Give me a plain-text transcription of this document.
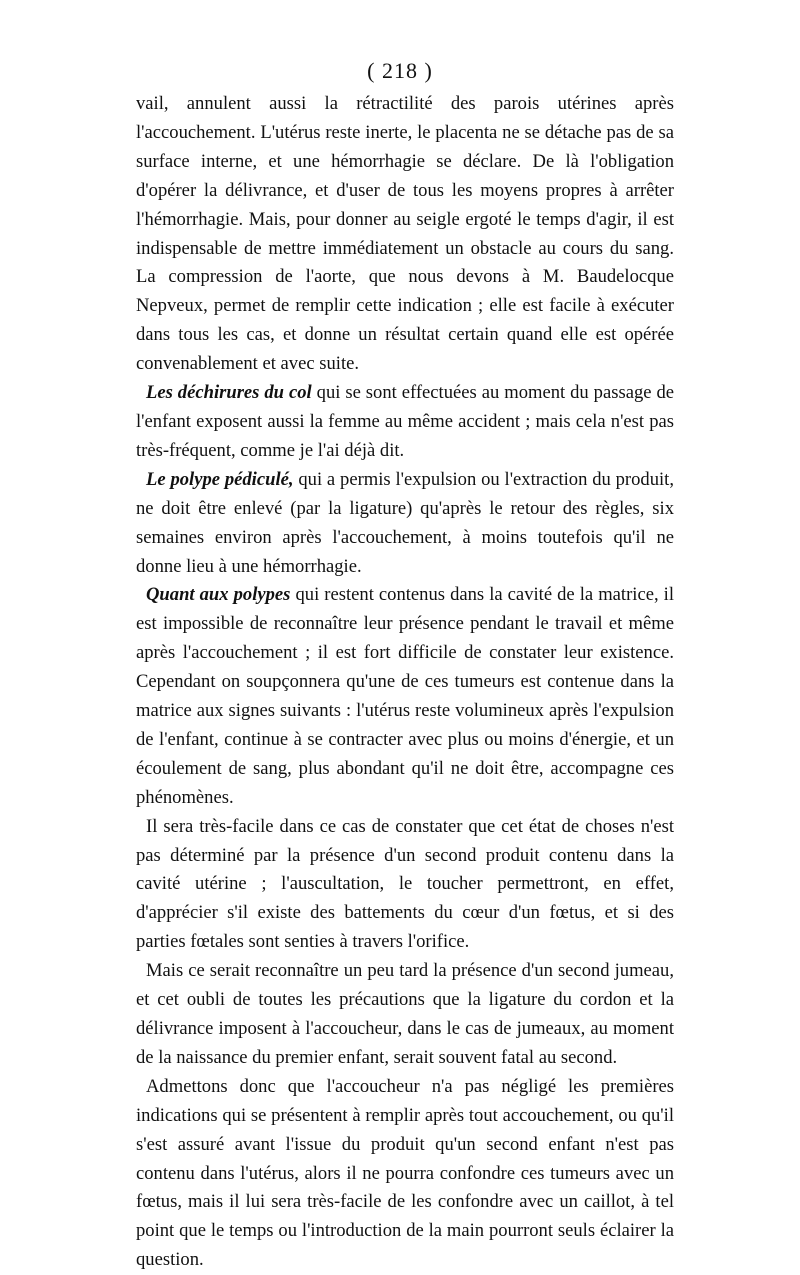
( 218 )

vail, annulent aussi la rétractilité des parois utérines après l'accouchement. L'utérus reste inerte, le placenta ne se détache pas de sa surface interne, et une hémorrhagie se déclare. De là l'obligation d'opérer la délivrance, et d'user de tous les moyens propres à arrêter l'hémorrhagie. Mais, pour donner au seigle ergoté le temps d'agir, il est indispensable de mettre immédiatement un obstacle au cours du sang. La compression de l'aorte, que nous devons à M. Baudelocque Nepveux, permet de remplir cette indication ; elle est facile à exécuter dans tous les cas, et donne un résultat certain quand elle est opérée convenablement et avec suite.

Les déchirures du col qui se sont effectuées au moment du passage de l'enfant exposent aussi la femme au même accident ; mais cela n'est pas très-fréquent, comme je l'ai déjà dit.

Le polype pédiculé, qui a permis l'expulsion ou l'extraction du produit, ne doit être enlevé (par la ligature) qu'après le retour des règles, six semaines environ après l'accouchement, à moins toutefois qu'il ne donne lieu à une hémorrhagie.

Quant aux polypes qui restent contenus dans la cavité de la matrice, il est impossible de reconnaître leur présence pendant le travail et même après l'accouchement ; il est fort difficile de constater leur existence. Cependant on soupçonnera qu'une de ces tumeurs est contenue dans la matrice aux signes suivants : l'utérus reste volumineux après l'expulsion de l'enfant, continue à se contracter avec plus ou moins d'énergie, et un écoulement de sang, plus abondant qu'il ne doit être, accompagne ces phénomènes.

Il sera très-facile dans ce cas de constater que cet état de choses n'est pas déterminé par la présence d'un second produit contenu dans la cavité utérine ; l'auscultation, le toucher permettront, en effet, d'apprécier s'il existe des battements du cœur d'un fœtus, et si des parties fœtales sont senties à travers l'orifice.

Mais ce serait reconnaître un peu tard la présence d'un second jumeau, et cet oubli de toutes les précautions que la ligature du cordon et la délivrance imposent à l'accoucheur, dans le cas de jumeaux, au moment de la naissance du premier enfant, serait souvent fatal au second.

Admettons donc que l'accoucheur n'a pas négligé les premières indications qui se présentent à remplir après tout accouchement, ou qu'il s'est assuré avant l'issue du produit qu'un second enfant n'est pas contenu dans l'utérus, alors il ne pourra confondre ces tumeurs avec un fœtus, mais il lui sera très-facile de les confondre avec un caillot, à tel point que le temps ou l'introduction de la main pourront seuls éclairer la question.
